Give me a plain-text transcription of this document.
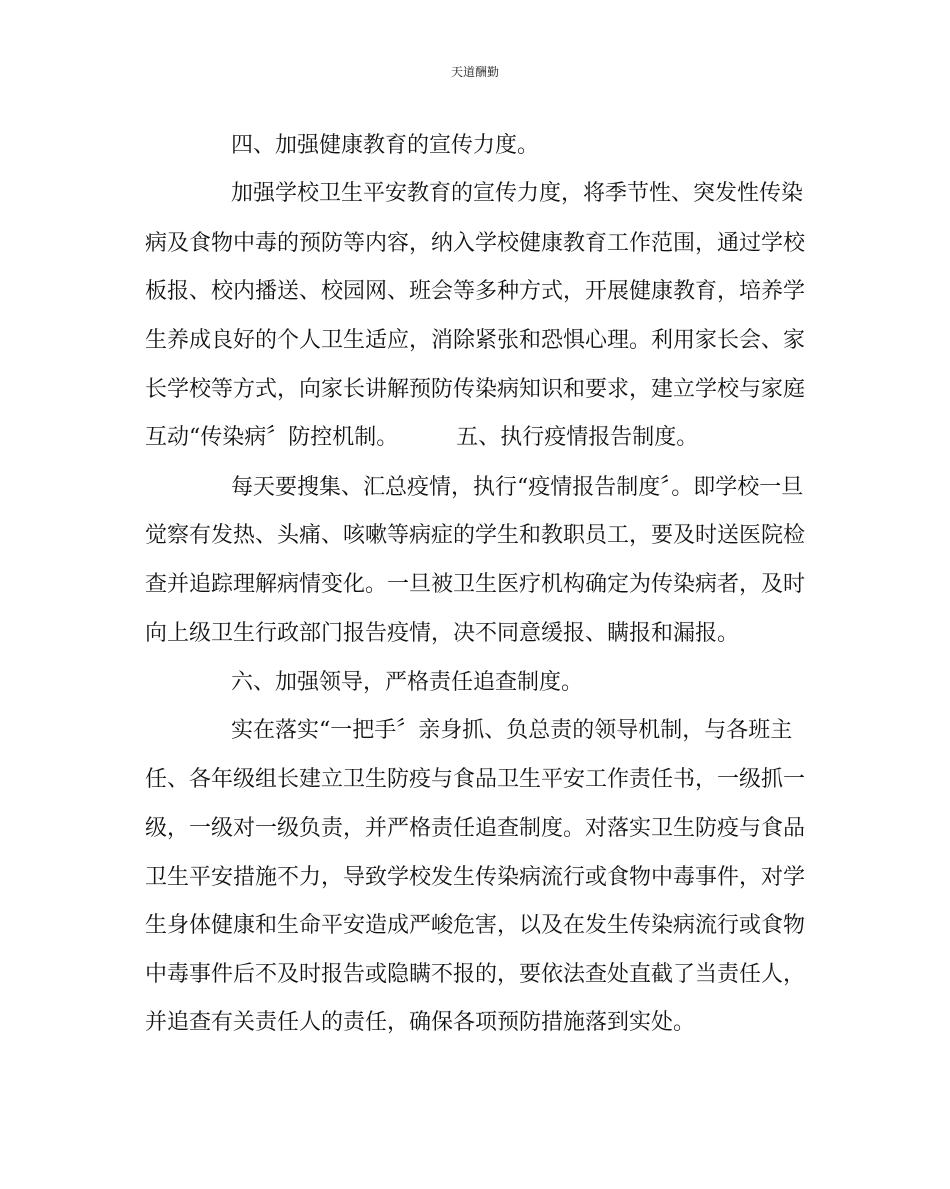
天道酬勤
四、加强健康教育的宣传力度。
加强学校卫生平安教育的宣传力度，将季节性、突发性传染
病及食物中毒的预防等内容，纳入学校健康教育工作范围，通过学校
板报、校内播送、校园网、班会等多种方式，开展健康教育，培养学
生养成良好的个人卫生适应，消除紧张和恐惧心理。利用家长会、家
长学校等方式，向家长讲解预防传染病知识和要求，建立学校与家庭
互动“传染病〞防控机制。	五、执行疫情报告制度。
每天要搜集、汇总疫情，执行“疫情报告制度〞。即学校一旦
觉察有发热、头痛、咳嗽等病症的学生和教职员工，要及时送医院检
查并追踪理解病情变化。一旦被卫生医疗机构确定为传染病者，及时
向上级卫生行政部门报告疫情，决不同意缓报、瞒报和漏报。
六、加强领导，严格责任追查制度。
实在落实“一把手〞亲身抓、负总责的领导机制，与各班主
任、各年级组长建立卫生防疫与食品卫生平安工作责任书，一级抓一
级，一级对一级负责，并严格责任追查制度。对落实卫生防疫与食品
卫生平安措施不力，导致学校发生传染病流行或食物中毒事件，对学
生身体健康和生命平安造成严峻危害，以及在发生传染病流行或食物
中毒事件后不及时报告或隐瞒不报的，要依法查处直截了当责任人，
并追查有关责任人的责任，确保各项预防措施落到实处。
